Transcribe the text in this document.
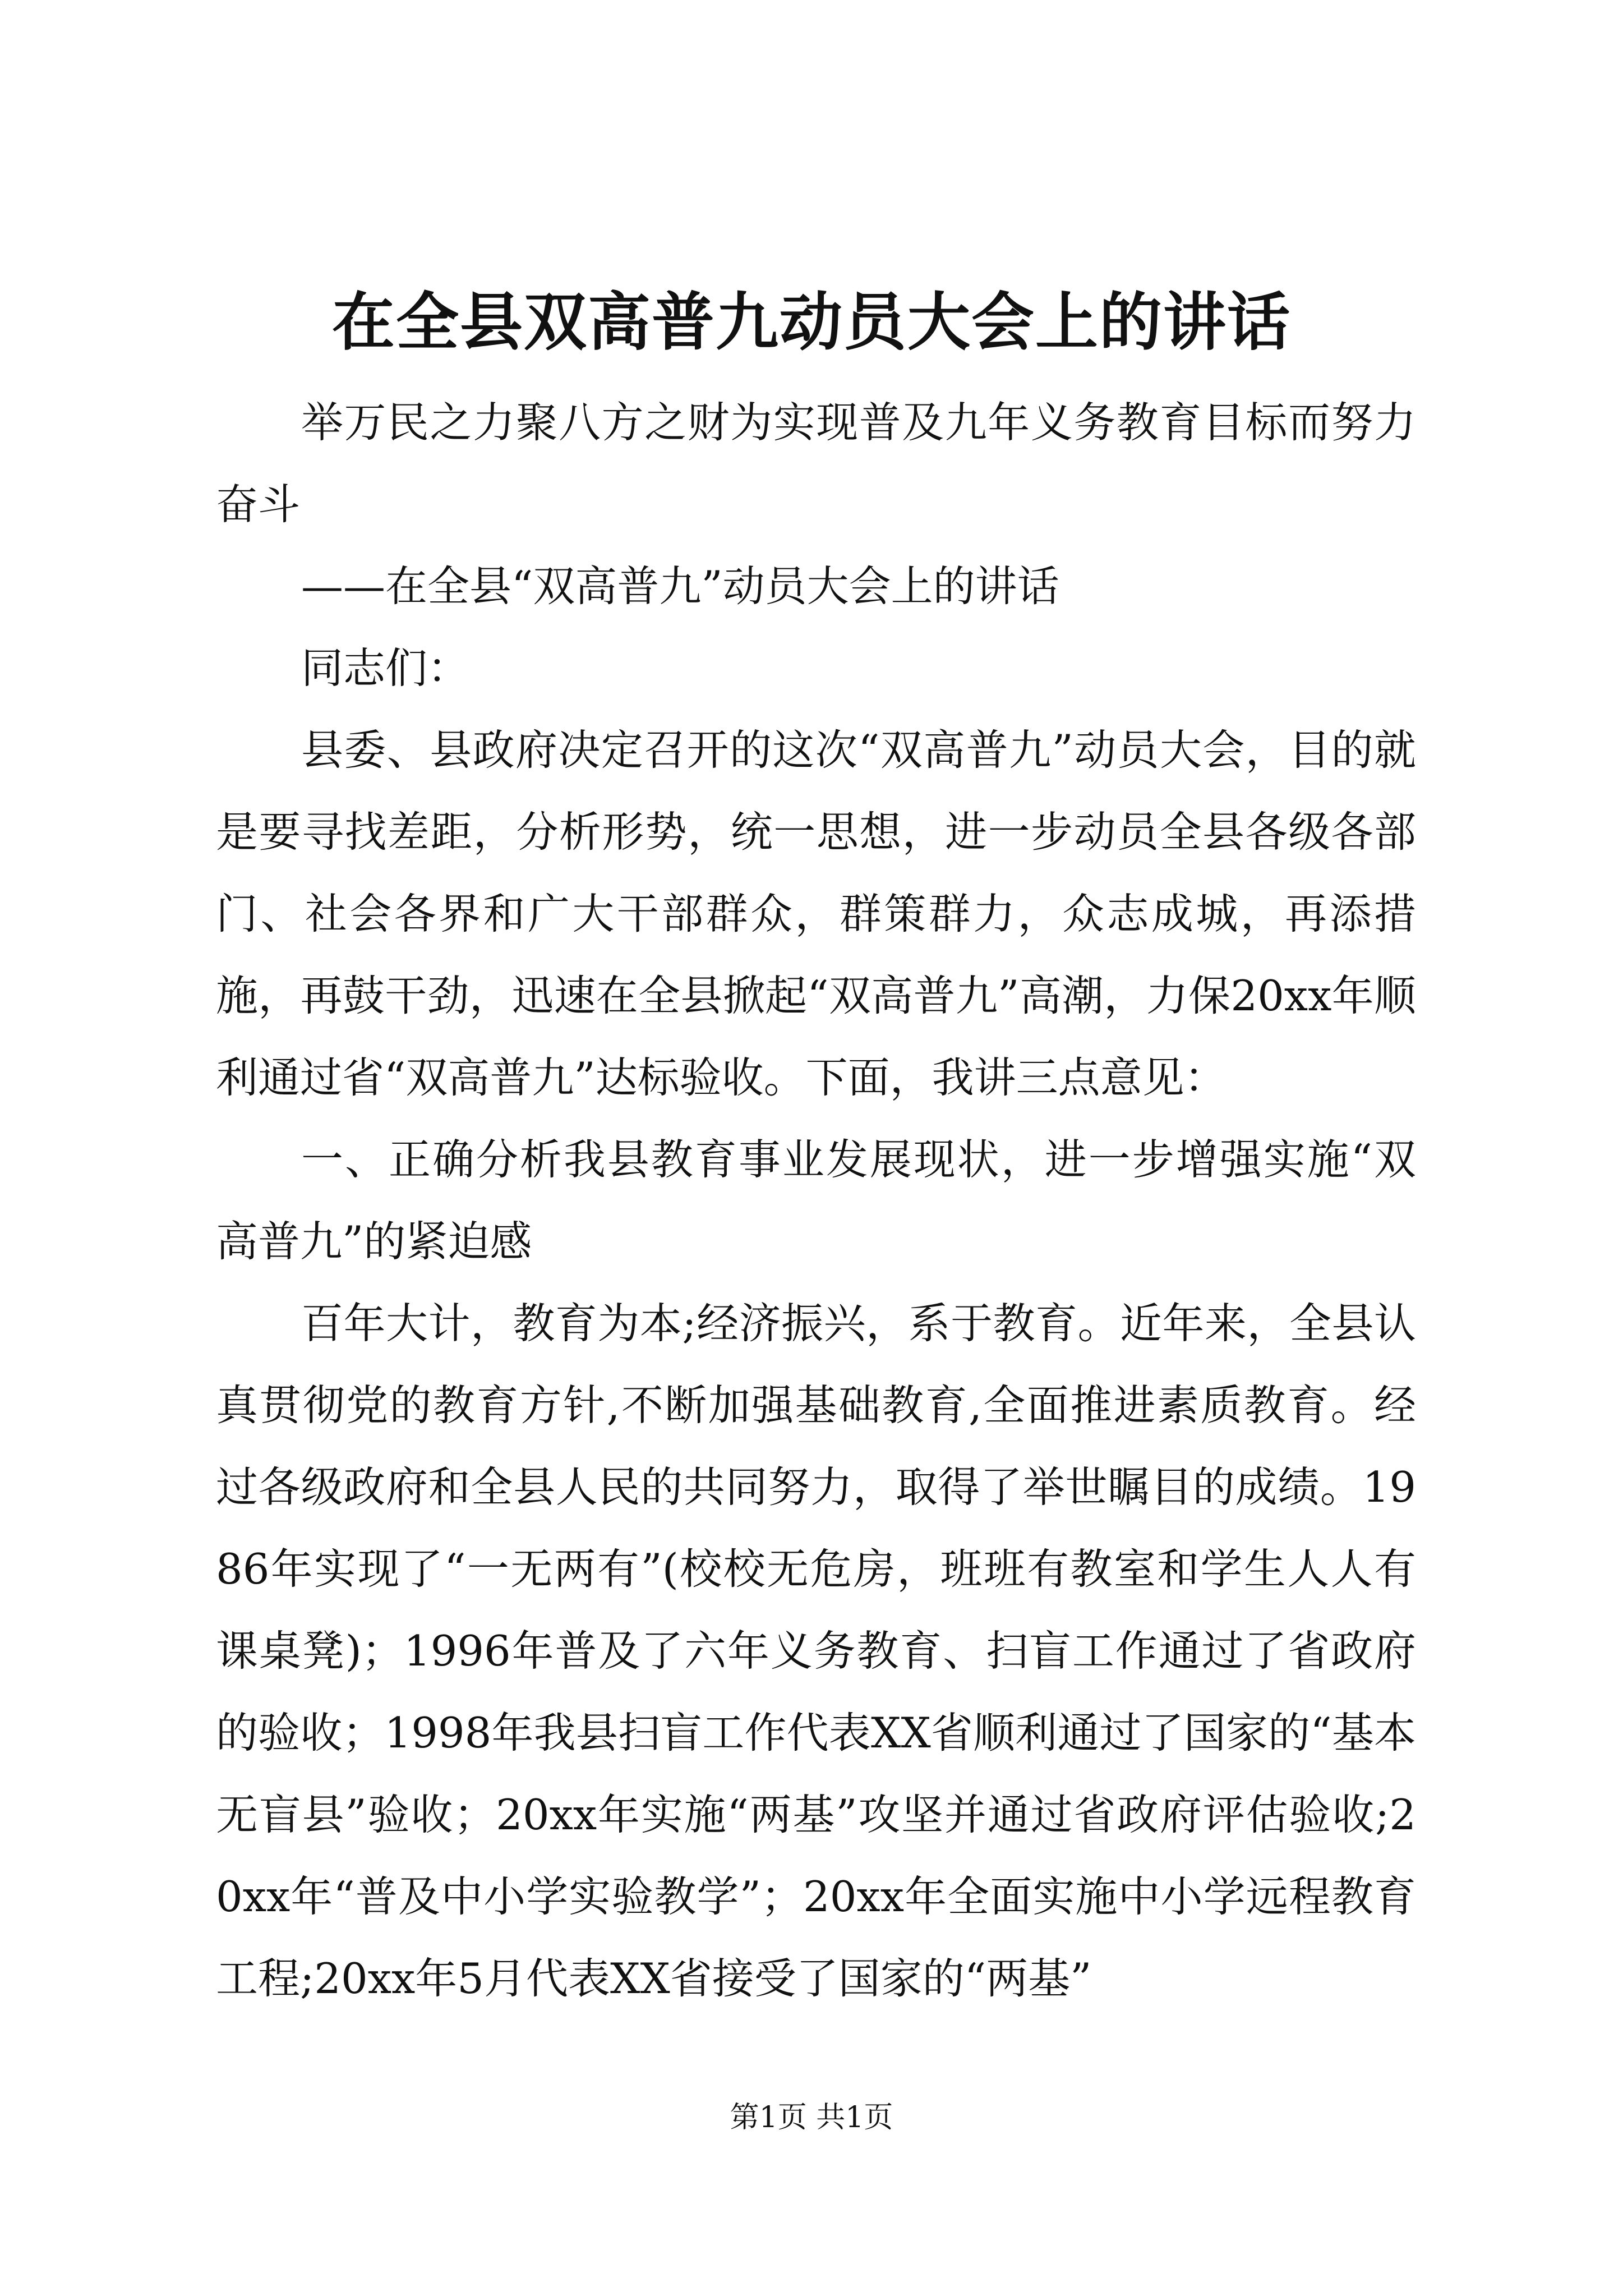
在全县双高普九动员大会上的讲话

举万民之力聚八方之财为实现普及九年义务教育目标而努力奋斗

——在全县“双高普九”动员大会上的讲话

同志们：

县委、县政府决定召开的这次“双高普九”动员大会，目的就是要寻找差距，分析形势，统一思想，进一步动员全县各级各部门、社会各界和广大干部群众，群策群力，众志成城，再添措施，再鼓干劲，迅速在全县掀起“双高普九”高潮，力保20xx年顺利通过省“双高普九”达标验收。下面，我讲三点意见：

一、正确分析我县教育事业发展现状，进一步增强实施“双高普九”的紧迫感

百年大计，教育为本;经济振兴，系于教育。近年来，全县认真贯彻党的教育方针,不断加强基础教育,全面推进素质教育。经过各级政府和全县人民的共同努力，取得了举世瞩目的成绩。1986年实现了“一无两有”(校校无危房，班班有教室和学生人人有课桌凳)；1996年普及了六年义务教育、扫盲工作通过了省政府的验收；1998年我县扫盲工作代表XX省顺利通过了国家的“基本无盲县”验收；20xx年实施“两基”攻坚并通过省政府评估验收;20xx年“普及中小学实验教学”；20xx年全面实施中小学远程教育工程;20xx年5月代表XX省接受了国家的“两基”

第1页 共1页
